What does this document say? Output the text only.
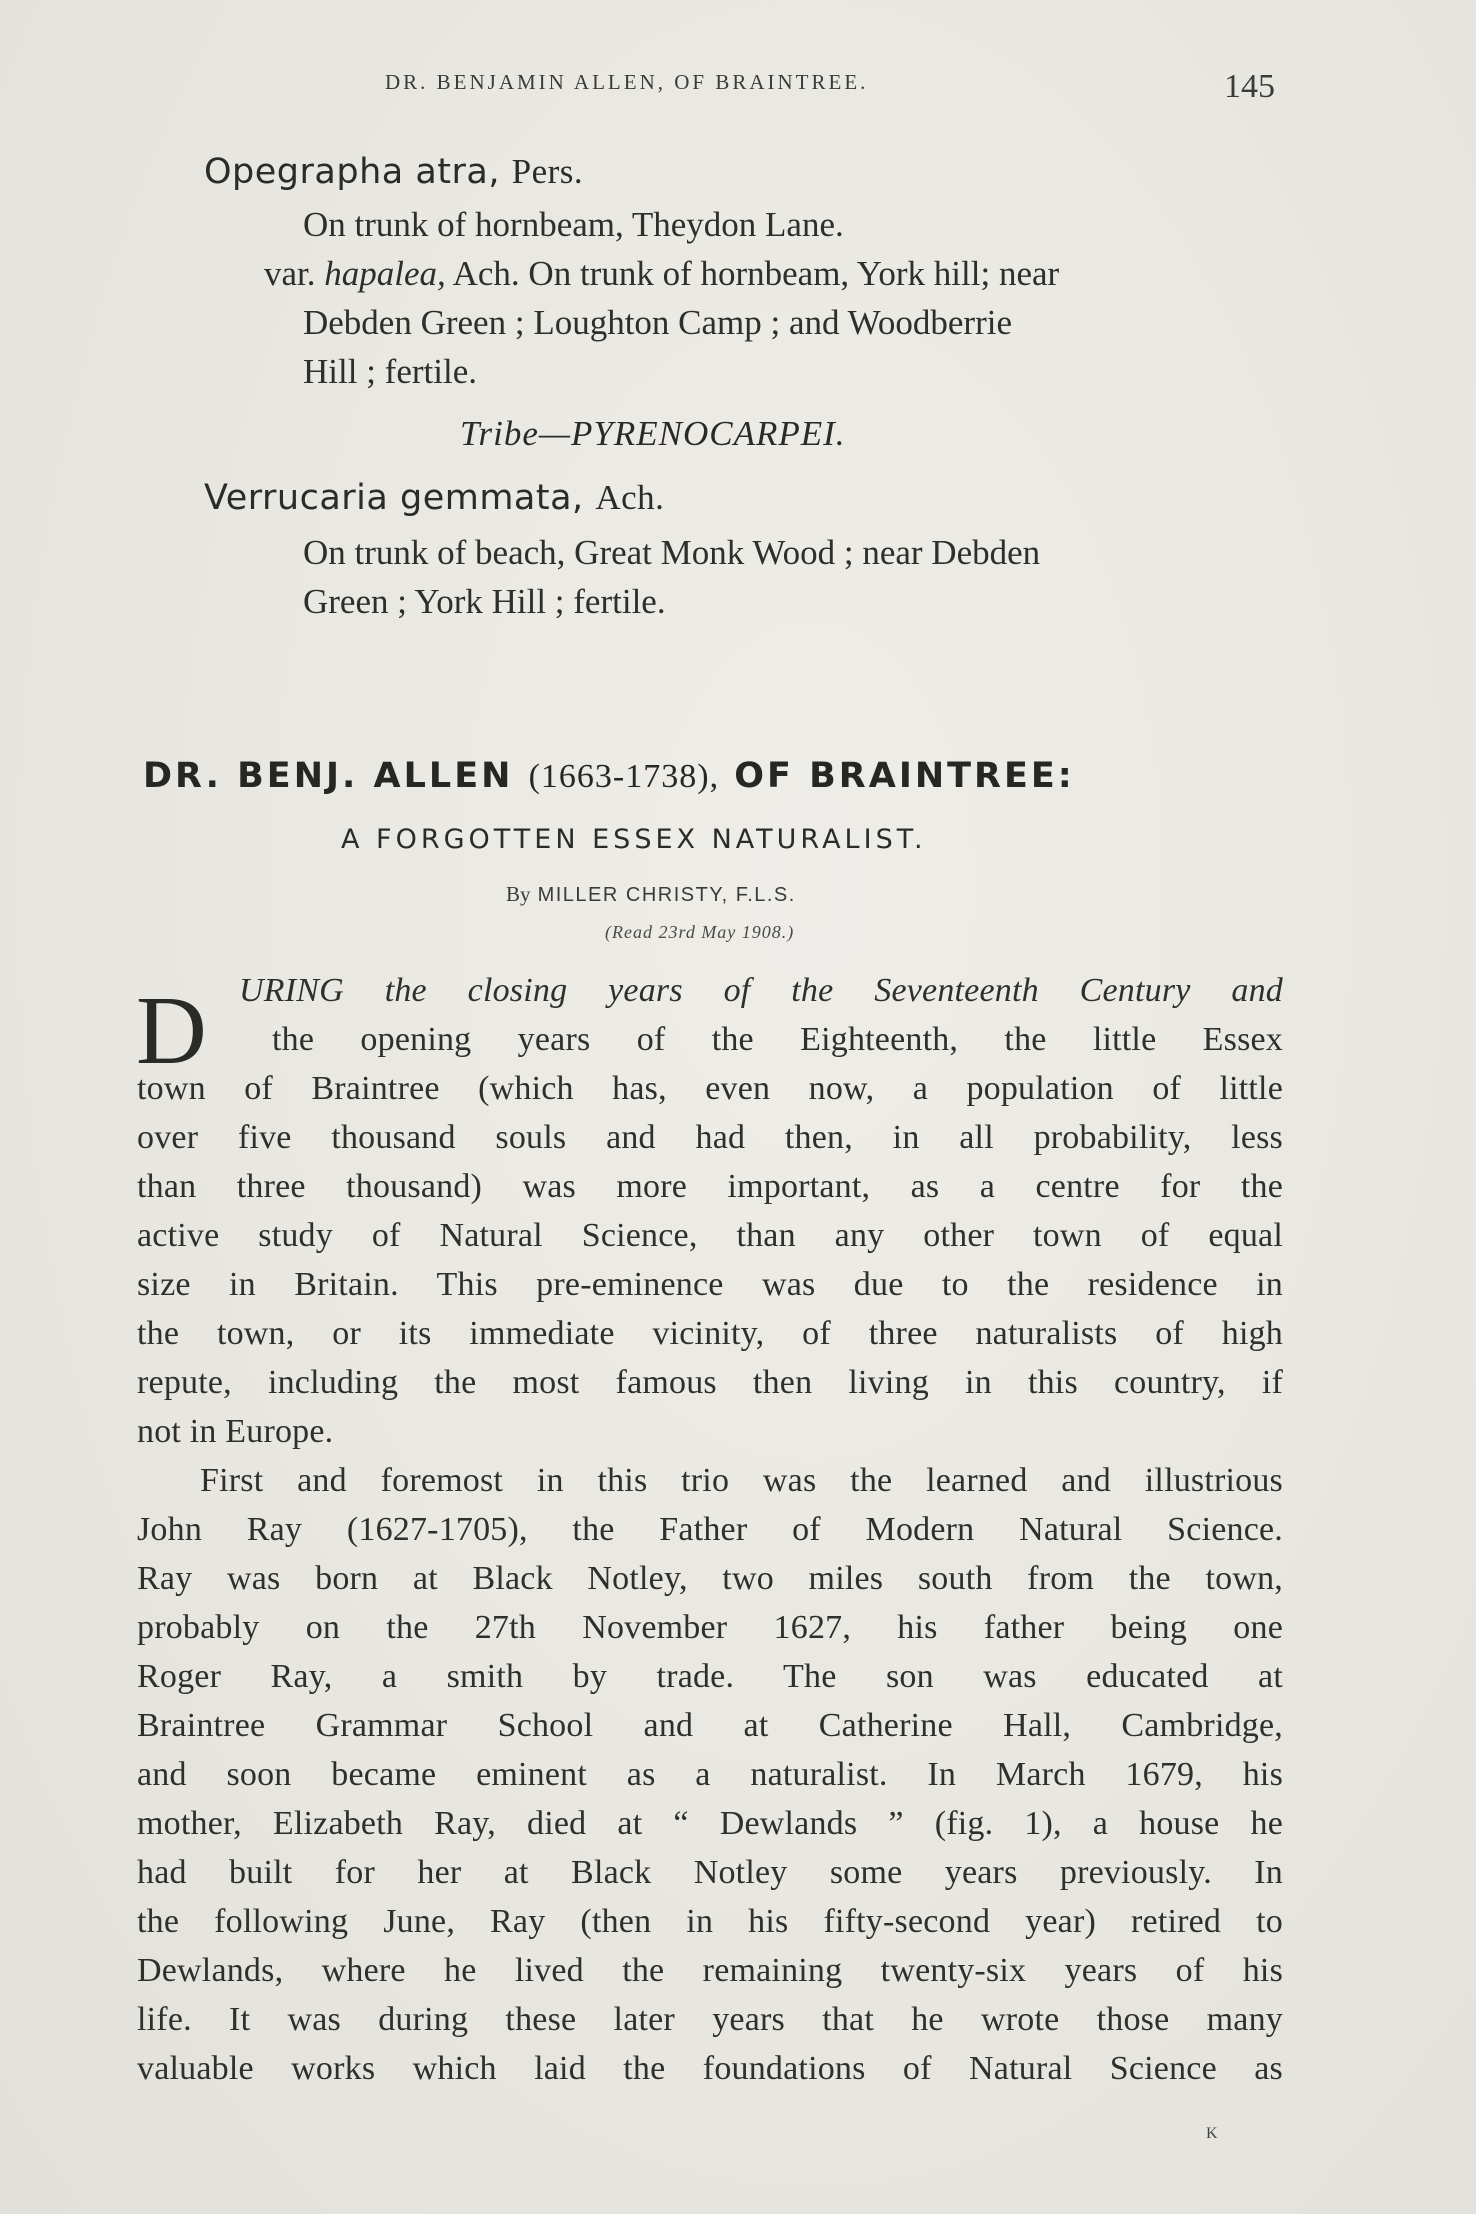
DR. BENJAMIN ALLEN, OF BRAINTREE.	145
Opegrapha atra, Pers.
On trunk of hornbeam, Theydon Lane.
var. hapalea, Ach. On trunk of hornbeam, York hill; near
Debden Green ; Loughton Camp ; and Woodberrie
Hill ; fertile.
Tribe—PYRENOCARPEI.
Verrucaria gemmata, Ach.
On trunk of beach, Great Monk Wood ; near Debden
Green ; York Hill ; fertile.
DR. BENJ. ALLEN (1663-1738), OF BRAINTREE:
A FORGOTTEN ESSEX NATURALIST.
By MILLER CHRISTY, F.L.S.
(Read 23rd May 1908.)
D URING the closing years of the Seventeenth Century and
the opening years of the Eighteenth, the little Essex
town of Braintree (which has, even now, a population of little
over five thousand souls and had then, in all probability, less
than three thousand) was more important, as a centre for the
active study of Natural Science, than any other town of equal
size in Britain. This pre-eminence was due to the residence in
the town, or its immediate vicinity, of three naturalists of high
repute, including the most famous then living in this country, if
not in Europe.
First and foremost in this trio was the learned and illustrious
John Ray (1627-1705), the Father of Modern Natural Science.
Ray was born at Black Notley, two miles south from the town,
probably on the 27th November 1627, his father being one
Roger Ray, a smith by trade. The son was educated at
Braintree Grammar School and at Catherine Hall, Cambridge,
and soon became eminent as a naturalist. In March 1679, his
mother, Elizabeth Ray, died at “ Dewlands ” (fig. 1), a house he
had built for her at Black Notley some years previously. In
the following June, Ray (then in his fifty-second year) retired to
Dewlands, where he lived the remaining twenty-six years of his
life. It was during these later years that he wrote those many
valuable works which laid the foundations of Natural Science as
K
